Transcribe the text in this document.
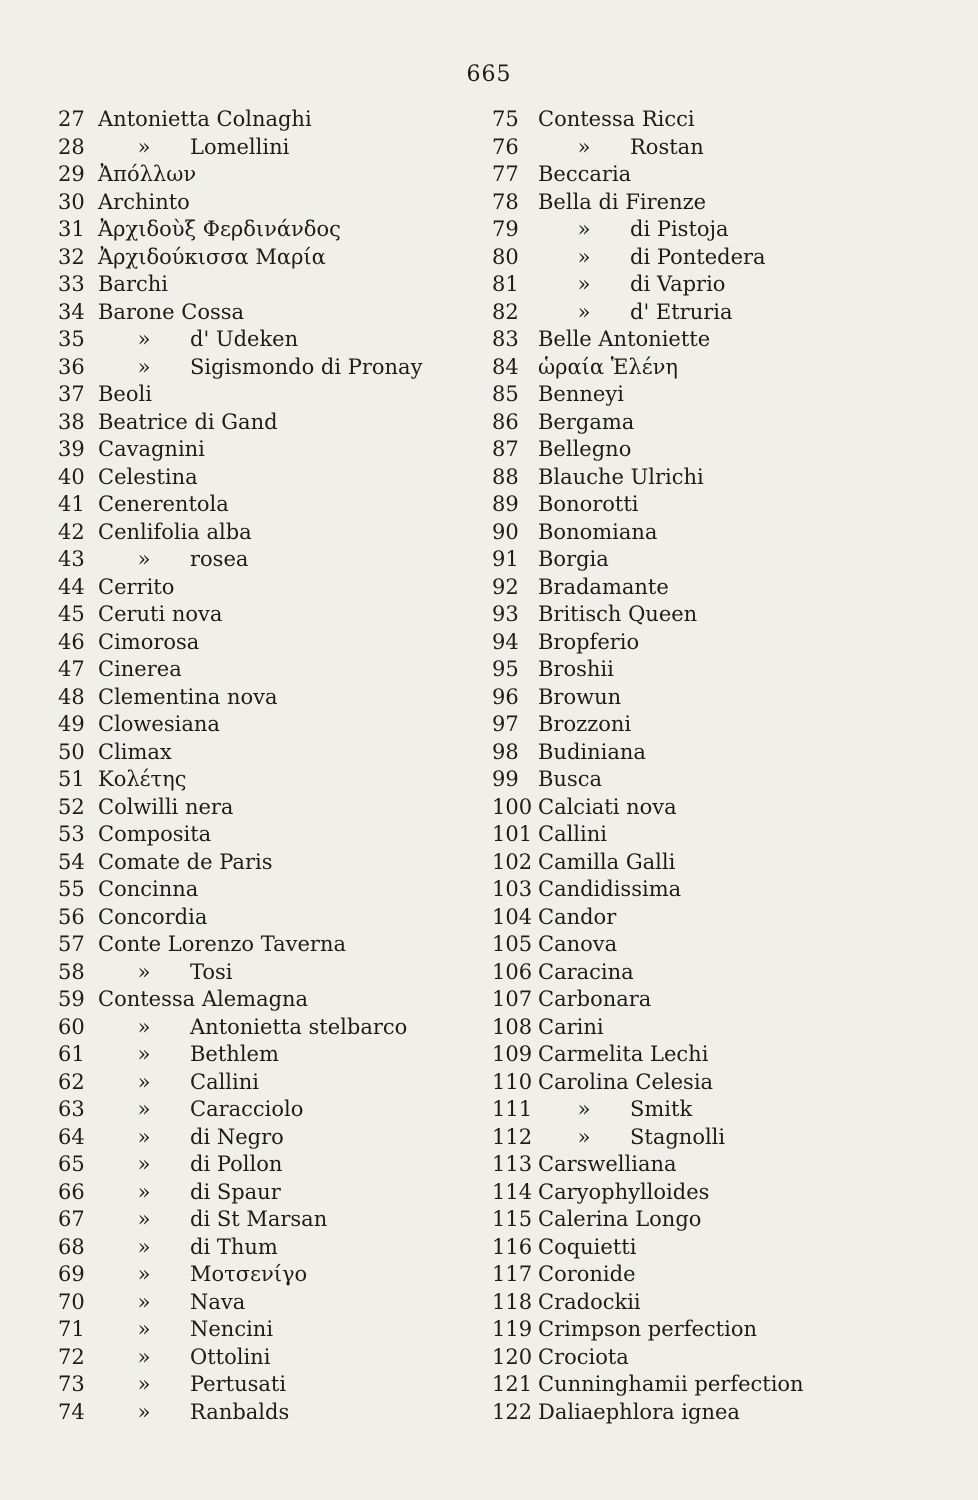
665
27 Antonietta Colnaghi
28	» Lomellini
29 Ἀπόλλων
30 Archinto
31 Ἀρχιδοὺξ Φερδινάνδος
32 Ἀρχιδούκισσα Μαρία
33 Barchi
34 Barone Cossa
35	» d' Udeken
36	» Sigismondo di Pronay
37 Beoli
38 Beatrice di Gand
39 Cavagnini
40 Celestina
41 Cenerentola
42 Cenlifolia alba
43	» rosea
44 Cerrito
45 Ceruti nova
46 Cimorosa
47 Cinerea
48 Clementina nova
49 Clowesiana
50 Climax
51 Κολέτης
52 Colwilli nera
53 Composita
54 Comate de Paris
55 Concinna
56 Concordia
57 Conte Lorenzo Taverna
58	» Tosi
59 Contessa Alemagna
60	» Antonietta stelbarco
61	» Bethlem
62	» Callini
63	» Caracciolo
64	» di Negro
65	» di Pollon
66	» di Spaur
67	» di St Marsan
68	» di Thum
69	» Μοτσενίγο
70	» Nava
71	» Nencini
72	» Ottolini
73	» Pertusati
74	» Ranbalds
75 Contessa Ricci
76	» Rostan
77 Beccaria
78 Bella di Firenze
79	» di Pistoja
80	» di Pontedera
81	» di Vaprio
82	» d' Etruria
83 Belle Antoniette
84 ὡραία Ἑλένη
85 Benneyi
86 Bergama
87 Bellegno
88 Blauche Ulrichi
89 Bonorotti
90 Bonomiana
91 Borgia
92 Bradamante
93 Britisch Queen
94 Bropferio
95 Broshii
96 Browun
97 Brozzoni
98 Budiniana
99 Busca
100 Calciati nova
101 Callini
102 Camilla Galli
103 Candidissima
104 Candor
105 Canova
106 Caracina
107 Carbonara
108 Carini
109 Carmelita Lechi
110 Carolina Celesia
111 » Smitk
112 » Stagnolli
113 Carswelliana
114 Caryophylloides
115 Calerina Longo
116 Coquietti
117 Coronide
118 Cradockii
119 Crimpson perfection
120 Crociota
121 Cunninghamii perfection
122 Daliaephlora ignea
